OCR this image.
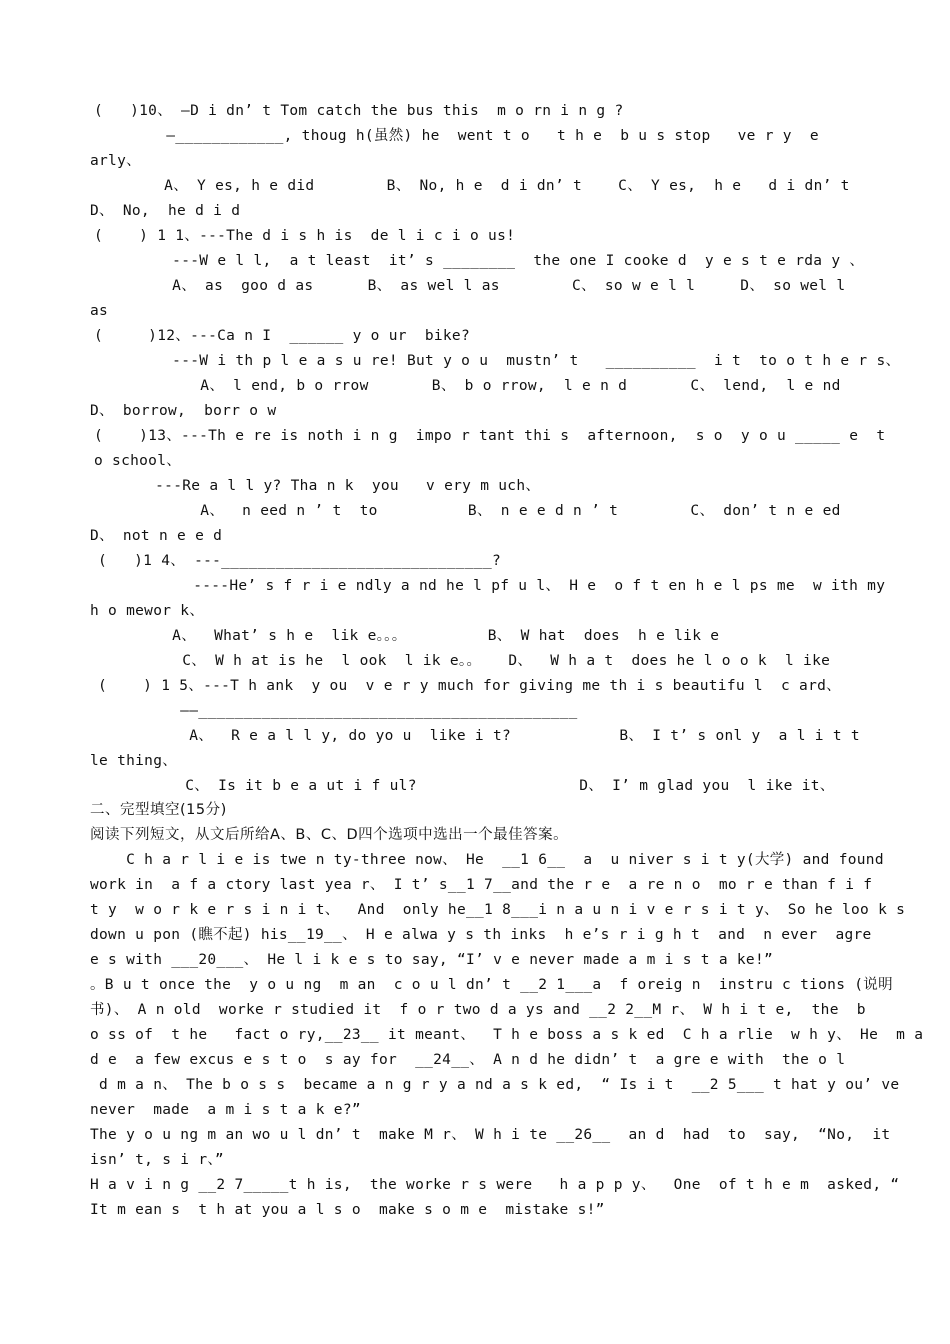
(   )10、 —D i dn’ t Tom catch the bus this  m o rn i n g ?
—____________, thoug h(虽然) he  went t o   t h e  b u s stop   ve r y  e
arly、
A、 Y es, h e did        B、 No, h e  d i dn’ t    C、 Y es,  h e   d i dn’ t
D、 No,  he d i d
(    ) 1 1、---The d i s h is  de l i c i o us!
---W e l l,  a t least  it’ s ________  the one I cooke d  y e s t e rda y 、
A、 as  goo d as      B、 as wel l as        C、 so w e l l     D、 so wel l
as
(     )12、---Ca n I  ______ y o ur  bike?
---W i th p l e a s u re! But y o u  mustn’ t   __________  i t  to o t h e r s、
A、 l end, b o rrow       B、 b o rrow,  l e n d       C、 lend,  l e nd
D、 borrow,  borr o w
(    )13、---Th e re is noth i n g  impo r tant thi s  afternoon,  s o  y o u _____ e  t
o school、
---Re a l l y? Tha n k  you   v ery m uch、
A、  n eed n ’ t  to          B、 n e e d n ’ t        C、 don’ t n e ed
D、 not n e e d
(   )1 4、 ---______________________________?
----He’ s f r i e ndly a nd he l pf u l、 H e  o f t en h e l ps me  w ith my
h o mewor k、
A、  What’ s h e  lik e。。。         B、 W hat  does  h e lik e
C、 W h at is he  l ook  l ik e。。   D、  W h a t  does he l o o k  l ike
(    ) 1 5、---T h ank  y ou  v e r y much for giving me th i s beautifu l  c ard、
——__________________________________________
A、  R e a l l y, do yo u  like i t?            B、 I t’ s onl y  a l i t t
le thing、
C、 Is it b e a ut i f ul?                  D、 I’ m glad you  l ike it、
二、完型填空(15分)
阅读下列短文，从文后所给A、B、C、D四个选项中选出一个最佳答案。
C h a r l i e is twe n ty-three now、 He  __1 6__  a  u niver s i t y(大学) and found
work in  a f a ctory last yea r、 I t’ s__1 7__and the r e  a re n o  mo r e than f i f
t y  w o r k e r s i n i t、  And  only he__1 8___i n a u n i v e r s i t y、 So he loo k s
down u pon (瞧不起) his__19__、 H e alwa y s th inks  h e’s r i g h t  and  n ever  agre
e s with ___20___、 He l i k e s to say, “I’ v e never made a m i s t a ke!”
。B u t once the  y o u ng  m an  c o u l dn’ t __2 1___a  f oreig n  instru c tions (说明
书)、 A n old  worke r studied it  f o r two d a ys and __2 2__M r、 W h i t e,  the  b
o ss of  t he   fact o ry,__23__ it meant、  T h e boss a s k ed  C h a rlie  w h y、 He  m a
d e  a few excus e s t o  s ay for  __24__、 A n d he didn’ t  a gre e with  the o l
d m a n、 The b o s s  became a n g r y a nd a s k ed,  “ Is i t  __2 5___ t hat y ou’ ve
never  made  a m i s t a k e?”
The y o u ng m an wo u l dn’ t  make M r、 W h i te __26__  an d  had  to  say,  “No,  it
isn’ t, s i r、”
H a v i n g __2 7_____t h is,  the worke r s were   h a p p y、  One  of t h e m  asked, “
It m ean s  t h at you a l s o  make s o m e  mistake s!”
